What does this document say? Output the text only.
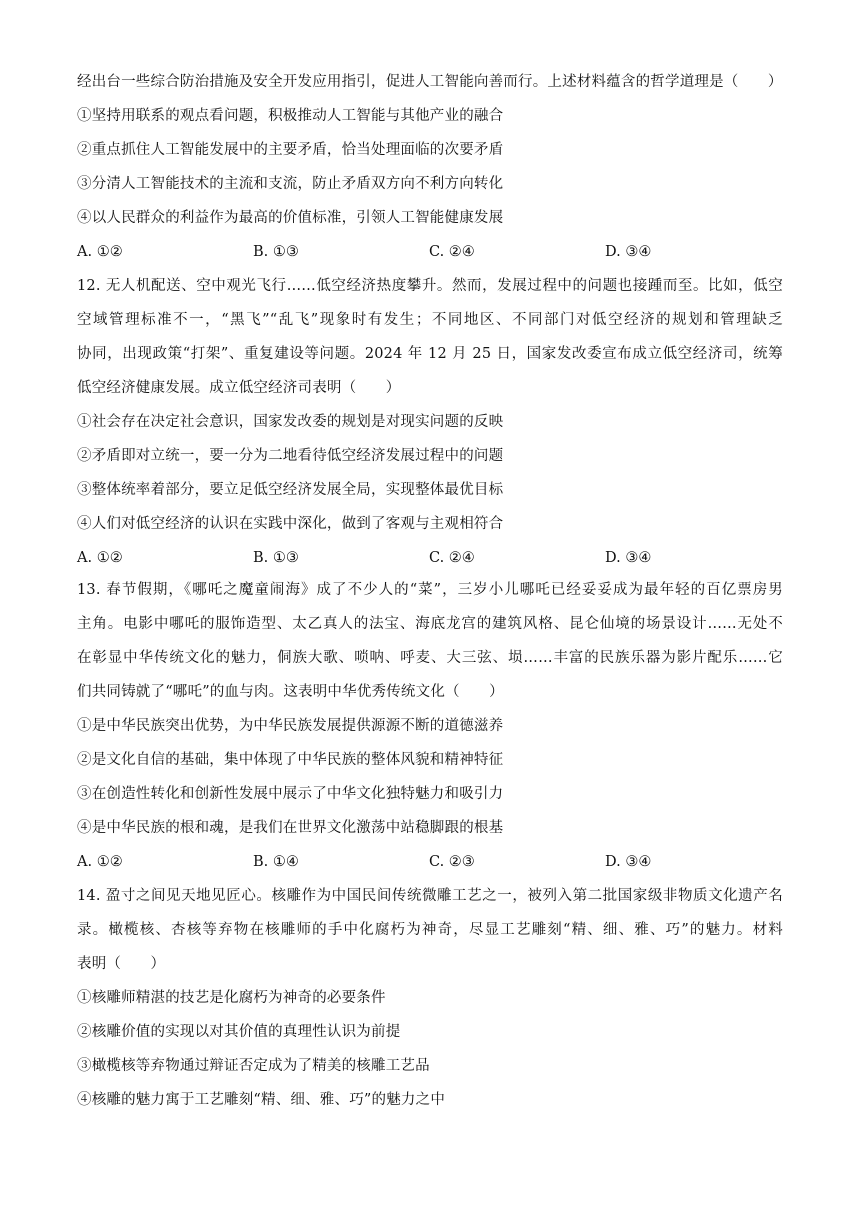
经出台一些综合防治措施及安全开发应用指引，促进人工智能向善而行。上述材料蕴含的哲学道理是（　　）
①坚持用联系的观点看问题，积极推动人工智能与其他产业的融合
②重点抓住人工智能发展中的主要矛盾，恰当处理面临的次要矛盾
③分清人工智能技术的主流和支流，防止矛盾双方向不利方向转化
④以人民群众的利益作为最高的价值标准，引领人工智能健康发展
A. ①②	B. ①③	C. ②④	D. ③④
12. 无人机配送、空中观光飞行……低空经济热度攀升。然而，发展过程中的问题也接踵而至。比如，低空
空域管理标准不一，“黑飞”“乱飞”现象时有发生；不同地区、不同部门对低空经济的规划和管理缺乏
协同，出现政策“打架”、重复建设等问题。2024 年 12 月 25 日，国家发改委宣布成立低空经济司，统筹
低空经济健康发展。成立低空经济司表明（　　）
①社会存在决定社会意识，国家发改委的规划是对现实问题的反映
②矛盾即对立统一，要一分为二地看待低空经济发展过程中的问题
③整体统率着部分，要立足低空经济发展全局，实现整体最优目标
④人们对低空经济的认识在实践中深化，做到了客观与主观相符合
A. ①②	B. ①③	C. ②④	D. ③④
13. 春节假期，《哪吒之魔童闹海》成了不少人的“菜”，三岁小儿哪吒已经妥妥成为最年轻的百亿票房男
主角。电影中哪吒的服饰造型、太乙真人的法宝、海底龙宫的建筑风格、昆仑仙境的场景设计……无处不
在彰显中华传统文化的魅力，侗族大歌、唢呐、呼麦、大三弦、埙……丰富的民族乐器为影片配乐……它
们共同铸就了“哪吒”的血与肉。这表明中华优秀传统文化（　　）
①是中华民族突出优势，为中华民族发展提供源源不断的道德滋养
②是文化自信的基础，集中体现了中华民族的整体风貌和精神特征
③在创造性转化和创新性发展中展示了中华文化独特魅力和吸引力
④是中华民族的根和魂，是我们在世界文化激荡中站稳脚跟的根基
A. ①②	B. ①④	C. ②③	D. ③④
14. 盈寸之间见天地见匠心。核雕作为中国民间传统微雕工艺之一，被列入第二批国家级非物质文化遗产名
录。橄榄核、杏核等弃物在核雕师的手中化腐朽为神奇，尽显工艺雕刻“精、细、雅、巧”的魅力。材料
表明（　　）
①核雕师精湛的技艺是化腐朽为神奇的必要条件
②核雕价值的实现以对其价值的真理性认识为前提
③橄榄核等弃物通过辩证否定成为了精美的核雕工艺品
④核雕的魅力寓于工艺雕刻“精、细、雅、巧”的魅力之中
